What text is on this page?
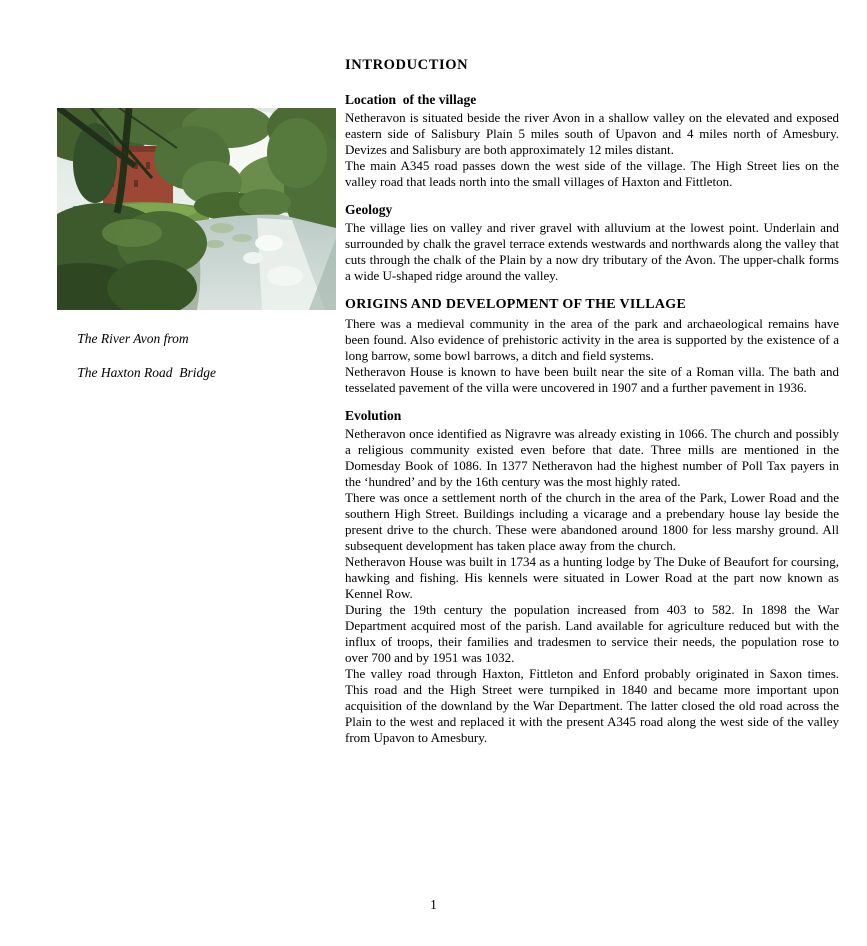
The River Avon from

The Haxton Road  Bridge

INTRODUCTION
Location  of the village

Netheravon is situated beside the river Avon in a shallow valley on the elevated and exposed eastern side of Salisbury Plain 5 miles south of Upavon and 4 miles north of Amesbury. Devizes and Salisbury are both approximately 12 miles distant.

The main A345 road passes down the west side of the village. The High Street lies on the valley road that leads north into the small villages of Haxton and Fittleton.

Geology

The village lies on valley and river gravel with alluvium at the lowest point. Underlain and surrounded by chalk the gravel terrace extends westwards and northwards along the valley that cuts through the chalk of the Plain by a now dry tributary of the Avon. The upper-chalk forms a wide U-shaped ridge around the valley.

ORIGINS AND DEVELOPMENT OF THE VILLAGE

There was a medieval community in the area of the park and archaeological remains have been found. Also evidence of prehistoric activity in the area is supported by the existence of a long barrow, some bowl barrows, a ditch and field systems.

Netheravon House is known to have been built near the site of a Roman villa. The bath and tesselated pavement of the villa were uncovered in 1907 and a further pavement in 1936.

Evolution

Netheravon once identified as Nigravre was already existing in 1066. The church and possibly a religious community existed even before that date. Three mills are mentioned in the Domesday Book of 1086. In 1377 Netheravon had the highest number of Poll Tax payers in the ‘hundred’ and by the 16th century was the most highly rated.

There was once a settlement north of the church in the area of the Park, Lower Road and the southern High Street. Buildings including a vicarage and a prebendary house lay beside the present drive to the church. These were abandoned around 1800 for less marshy ground. All subsequent development has taken place away from the church.

Netheravon House was built in 1734 as a hunting lodge by The Duke of Beaufort for coursing, hawking and fishing. His kennels were situated in Lower Road at the part now known as Kennel Row.

During the 19th century the population increased from 403 to 582. In 1898 the War Department acquired most of the parish. Land available for agriculture reduced but with the influx of troops, their families and tradesmen to service their needs, the population rose to over 700 and by 1951 was 1032.

The valley road through Haxton, Fittleton and Enford probably originated in Saxon times. This road and the High Street were turnpiked in 1840 and became more important upon acquisition of the downland by the War Department. The latter closed the old road across the Plain to the west and replaced it with the present A345 road along the west side of the valley from Upavon to Amesbury.

1
